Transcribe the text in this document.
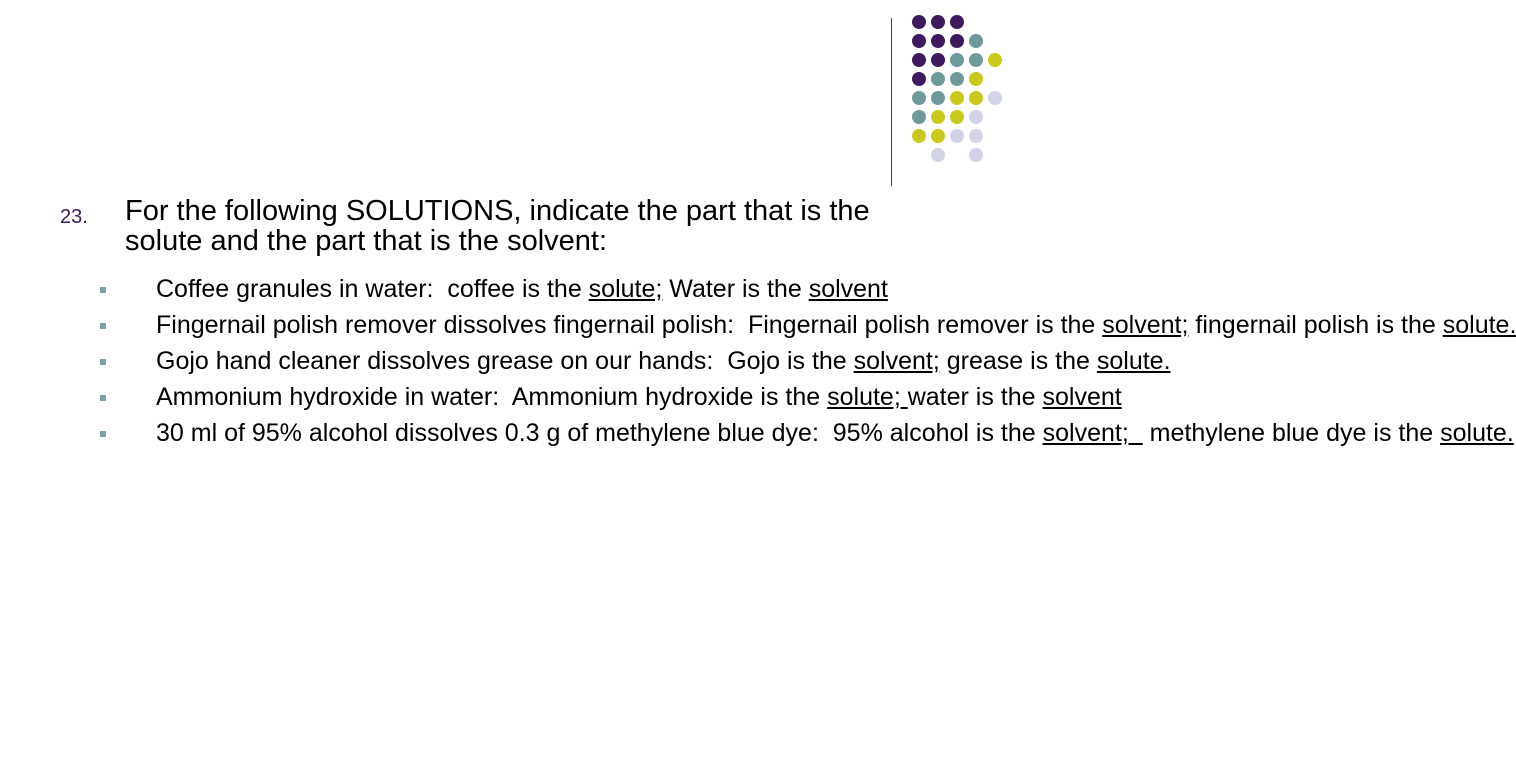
23. For the following SOLUTIONS, indicate the part that is the solute and the part that is the solvent:
Coffee granules in water:  coffee is the solute; Water is the solvent
Fingernail polish remover dissolves fingernail polish:  Fingernail polish remover is the solvent; fingernail polish is the solute.
Gojo hand cleaner dissolves grease on our hands:  Gojo is the solvent; grease is the solute.
Ammonium hydroxide in water:  Ammonium hydroxide is the solute; water is the solvent
30 ml of 95% alcohol dissolves 0.3 g of methylene blue dye:  95% alcohol is the solvent;   methylene blue dye is the solute.
